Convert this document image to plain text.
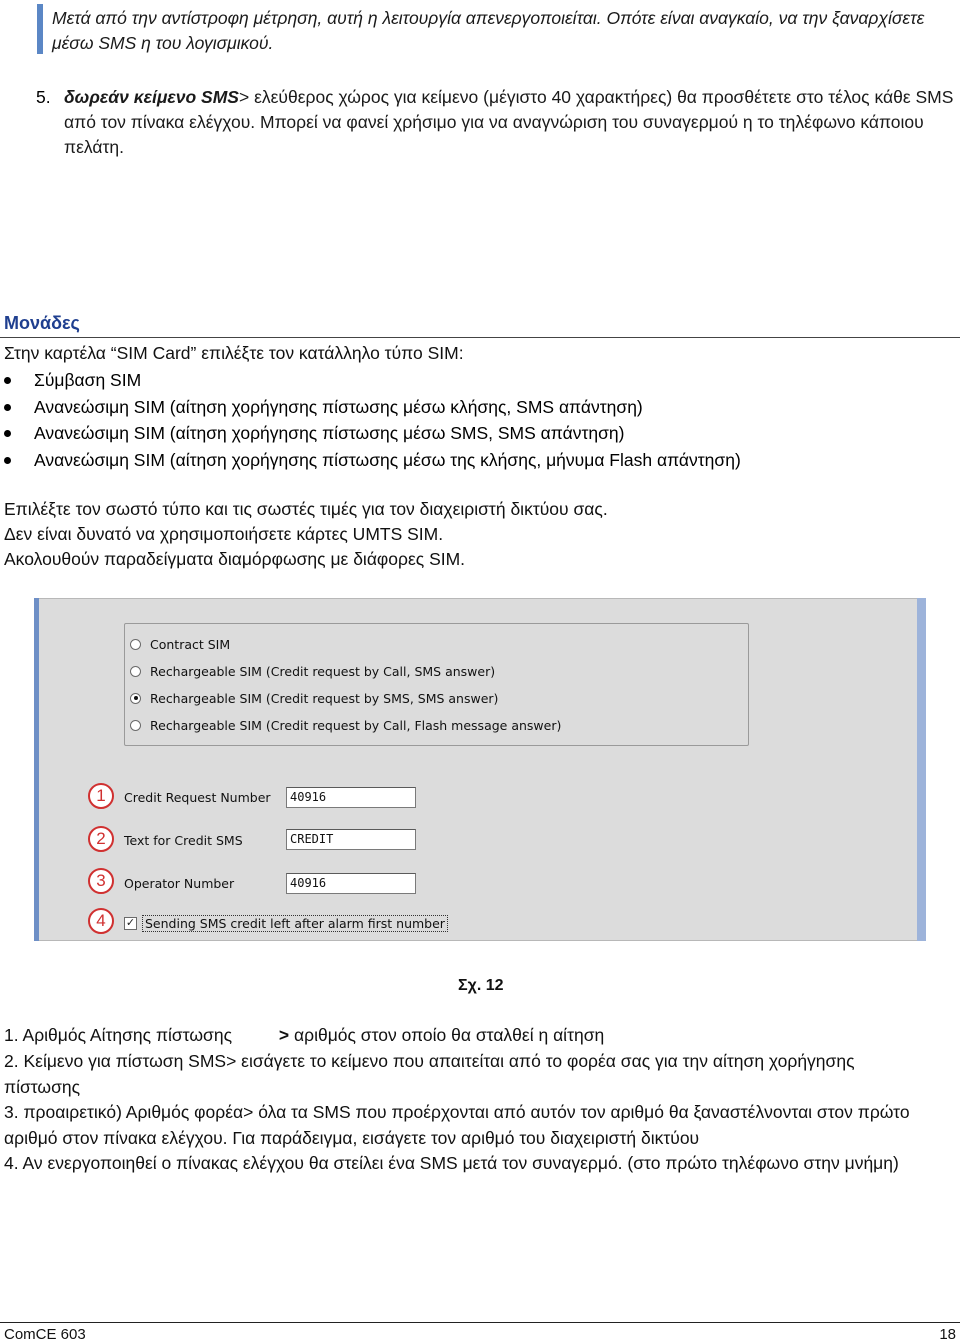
Μετά από την αντίστροφη μέτρηση, αυτή η λειτουργία απενεργοποιείται. Οπότε είναι αναγκαίο, να την ξαναρχίσετε μέσω SMS η του λογισμικού.
5. δωρεάν κείμενο SMS> ελεύθερος χώρος για κείμενο (μέγιστο 40 χαρακτήρες) θα προσθέτετε στο τέλος κάθε SMS από τον πίνακα ελέγχου. Μπορεί να φανεί χρήσιμο για να αναγνώριση του συναγερμού η το τηλέφωνο κάποιου πελάτη.
Μονάδες
Στην καρτέλα “SIM Card” επιλέξτε τον κατάλληλο τύπο SIM:
Σύμβαση SIM
Ανανεώσιμη SIM (αίτηση χορήγησης πίστωσης μέσω κλήσης, SMS απάντηση)
Ανανεώσιμη SIM (αίτηση χορήγησης πίστωσης μέσω SMS, SMS απάντηση)
Ανανεώσιμη SIM (αίτηση χορήγησης πίστωσης μέσω της κλήσης, μήνυμα Flash απάντηση)
Επιλέξτε τον σωστό τύπο και τις σωστές τιμές για τον διαχειριστή δικτύου σας.
Δεν είναι δυνατό να χρησιμοποιήσετε κάρτες UMTS SIM.
Ακολουθούν παραδείγματα διαμόρφωσης με διάφορες SIM.
Contract SIM
Rechargeable SIM (Credit request by Call, SMS answer)
Rechargeable SIM (Credit request by SMS, SMS answer)
Rechargeable SIM (Credit request by Call, Flash message answer)
1	Credit Request Number	40916
2	Text for Credit SMS	CREDIT
3	Operator Number	40916
4	✓ Sending SMS credit left after alarm first number
Σχ. 12
1. Αριθμός Αίτησης πίστωσης	> αριθμός στον οποίο θα σταλθεί η αίτηση
2. Κείμενο για πίστωση SMS> εισάγετε το κείμενο που απαιτείται από το φορέα σας για την αίτηση χορήγησης πίστωσης
3. προαιρετικό) Αριθμός φορέα> όλα τα SMS που προέρχονται από αυτόν τον αριθμό θα ξαναστέλνονται στον πρώτο αριθμό στον πίνακα ελέγχου. Για παράδειγμα, εισάγετε τον αριθμό του διαχειριστή δικτύου
4. Αν ενεργοποιηθεί ο πίνακας ελέγχου θα στείλει ένα SMS μετά τον συναγερμό. (στο πρώτο τηλέφωνο στην μνήμη)
ComCE 603	18
